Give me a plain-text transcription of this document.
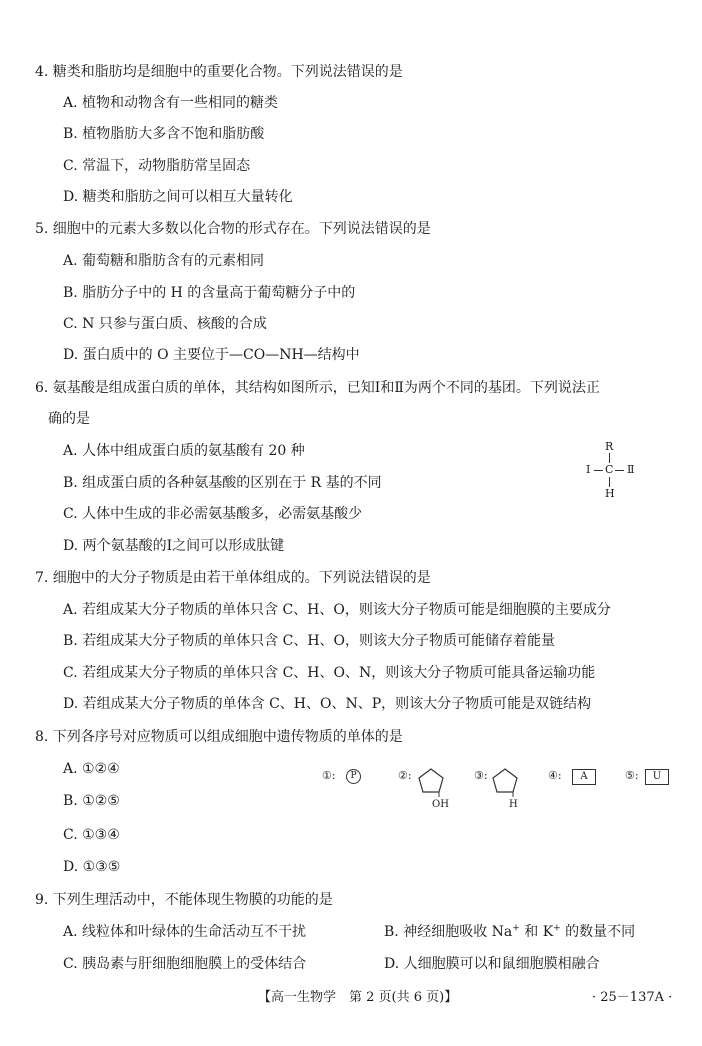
4. 糖类和脂肪均是细胞中的重要化合物。下列说法错误的是
A. 植物和动物含有一些相同的糖类
B. 植物脂肪大多含不饱和脂肪酸
C. 常温下，动物脂肪常呈固态
D. 糖类和脂肪之间可以相互大量转化
5. 细胞中的元素大多数以化合物的形式存在。下列说法错误的是
A. 葡萄糖和脂肪含有的元素相同
B. 脂肪分子中的 H 的含量高于葡萄糖分子中的
C. N 只参与蛋白质、核酸的合成
D. 蛋白质中的 O 主要位于—CO—NH—结构中
6. 氨基酸是组成蛋白质的单体，其结构如图所示，已知Ⅰ和Ⅱ为两个不同的基团。下列说法正
确的是
A. 人体中组成蛋白质的氨基酸有 20 种
B. 组成蛋白质的各种氨基酸的区别在于 R 基的不同
C. 人体中生成的非必需氨基酸多，必需氨基酸少
D. 两个氨基酸的Ⅰ之间可以形成肽键
R
Ⅰ C Ⅱ
H
7. 细胞中的大分子物质是由若干单体组成的。下列说法错误的是
A. 若组成某大分子物质的单体只含 C、H、O，则该大分子物质可能是细胞膜的主要成分
B. 若组成某大分子物质的单体只含 C、H、O，则该大分子物质可能储存着能量
C. 若组成某大分子物质的单体只含 C、H、O、N，则该大分子物质可能具备运输功能
D. 若组成某大分子物质的单体含 C、H、O、N、P，则该大分子物质可能是双链结构
8. 下列各序号对应物质可以组成细胞中遗传物质的单体的是
A. ①②④
B. ①②⑤
C. ①③④
D. ①③⑤
①:	P	②:
OH
③:
H
④:	A	⑤:	U
9. 下列生理活动中，不能体现生物膜的功能的是
A. 线粒体和叶绿体的生命活动互不干扰	B. 神经细胞吸收 Na+ 和 K+ 的数量不同
C. 胰岛素与肝细胞细胞膜上的受体结合	D. 人细胞膜可以和鼠细胞膜相融合
【高一生物学　第 2 页(共 6 页)】	· 25－137A ·
